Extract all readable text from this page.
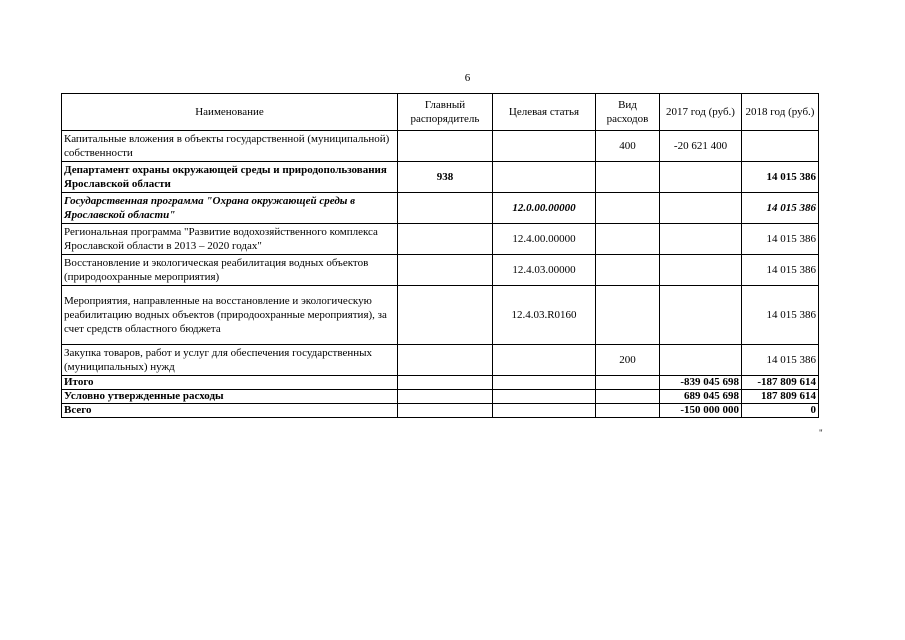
6
Наименование	Главный распорядитель	Целевая статья	Вид расходов	2017 год (руб.)	2018 год (руб.)
Капитальные вложения в объекты государственной (муниципальной) собственности			400	-20 621 400	
Департамент охраны окружающей среды и природопользования Ярославской области	938				14 015 386
Государственная программа "Охрана окружающей среды в Ярославской области"		12.0.00.00000			14 015 386
Региональная программа "Развитие водохозяйственного комплекса Ярославской области в 2013 – 2020 годах"		12.4.00.00000			14 015 386
Восстановление и экологическая реабилитация водных объектов (природоохранные мероприятия)		12.4.03.00000			14 015 386
Мероприятия, направленные на восстановление и экологическую реабилитацию водных объектов (природоохранные мероприятия), за счет средств областного бюджета		12.4.03.R0160			14 015 386
Закупка товаров, работ и услуг для обеспечения государственных (муниципальных) нужд			200		14 015 386
Итого				-839 045 698	-187 809 614
Условно утвержденные расходы				689 045 698	187 809 614
Всего				-150 000 000	0
"
